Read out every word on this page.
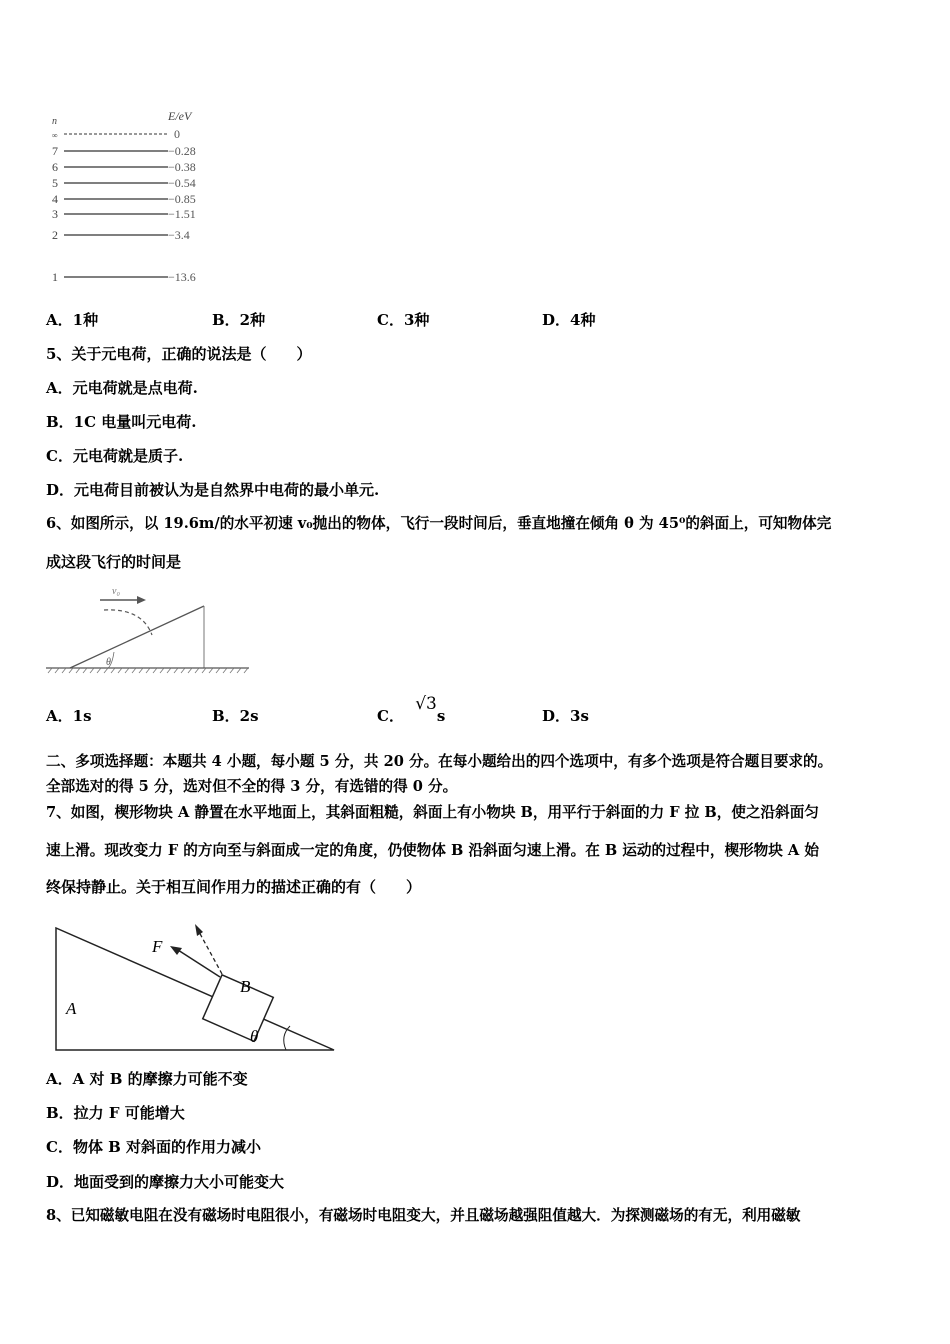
n	E/eV
∞	0
7	−0.28
6	−0.38
5	−0.54
4	−0.85
3	−1.51
2	−3.4
1	−13.6
A．1种	B．2种	C．3种	D．4种
5、关于元电荷，正确的说法是（　　）
A．元电荷就是点电荷.
B．1C 电量叫元电荷.
C．元电荷就是质子.
D．元电荷目前被认为是自然界中电荷的最小单元.
6、如图所示，以 19.6m/的水平初速 v₀抛出的物体，飞行一段时间后，垂直地撞在倾角 θ 为 45⁰的斜面上，可知物体完
成这段飞行的时间是
v₀
θ
A．1s	B．2s	C． √3s	D．3s
二、多项选择题：本题共 4 小题，每小题 5 分，共 20 分。在每小题给出的四个选项中，有多个选项是符合题目要求的。
全部选对的得 5 分，选对但不全的得 3 分，有选错的得 0 分。
7、如图，楔形物块 A 静置在水平地面上，其斜面粗糙，斜面上有小物块 B，用平行于斜面的力 F 拉 B，使之沿斜面匀
速上滑。现改变力 F 的方向至与斜面成一定的角度，仍使物体 B 沿斜面匀速上滑。在 B 运动的过程中，楔形物块 A 始
终保持静止。关于相互间作用力的描述正确的有（　　）
F
A
B
θ
A．A 对 B 的摩擦力可能不变
B．拉力 F 可能增大
C．物体 B 对斜面的作用力减小
D．地面受到的摩擦力大小可能变大
8、已知磁敏电阻在没有磁场时电阻很小，有磁场时电阻变大，并且磁场越强阻值越大．为探测磁场的有无，利用磁敏
